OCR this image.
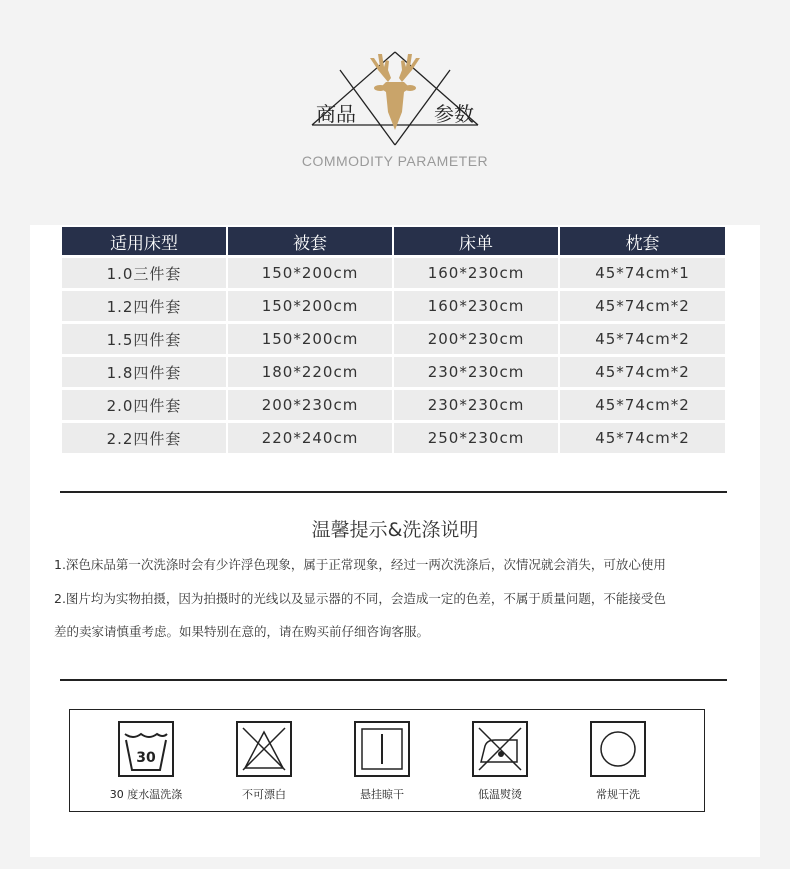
商品	参数
COMMODITY PARAMETER
适用床型	被套	床单	枕套
1.0三件套	150*200cm	160*230cm	45*74cm*1
1.2四件套	150*200cm	160*230cm	45*74cm*2
1.5四件套	150*200cm	200*230cm	45*74cm*2
1.8四件套	180*220cm	230*230cm	45*74cm*2
2.0四件套	200*230cm	230*230cm	45*74cm*2
2.2四件套	220*240cm	250*230cm	45*74cm*2
温馨提示&洗涤说明
1.深色床品第一次洗涤时会有少许浮色现象，属于正常现象，经过一两次洗涤后，次情况就会消失，可放心使用
2.图片均为实物拍摄，因为拍摄时的光线以及显示器的不同，会造成一定的色差，不属于质量问题，不能接受色
差的卖家请慎重考虑。如果特别在意的，请在购买前仔细咨询客服。
30
30 度水温洗涤	不可漂白	悬挂晾干	低温熨烫	常规干洗
